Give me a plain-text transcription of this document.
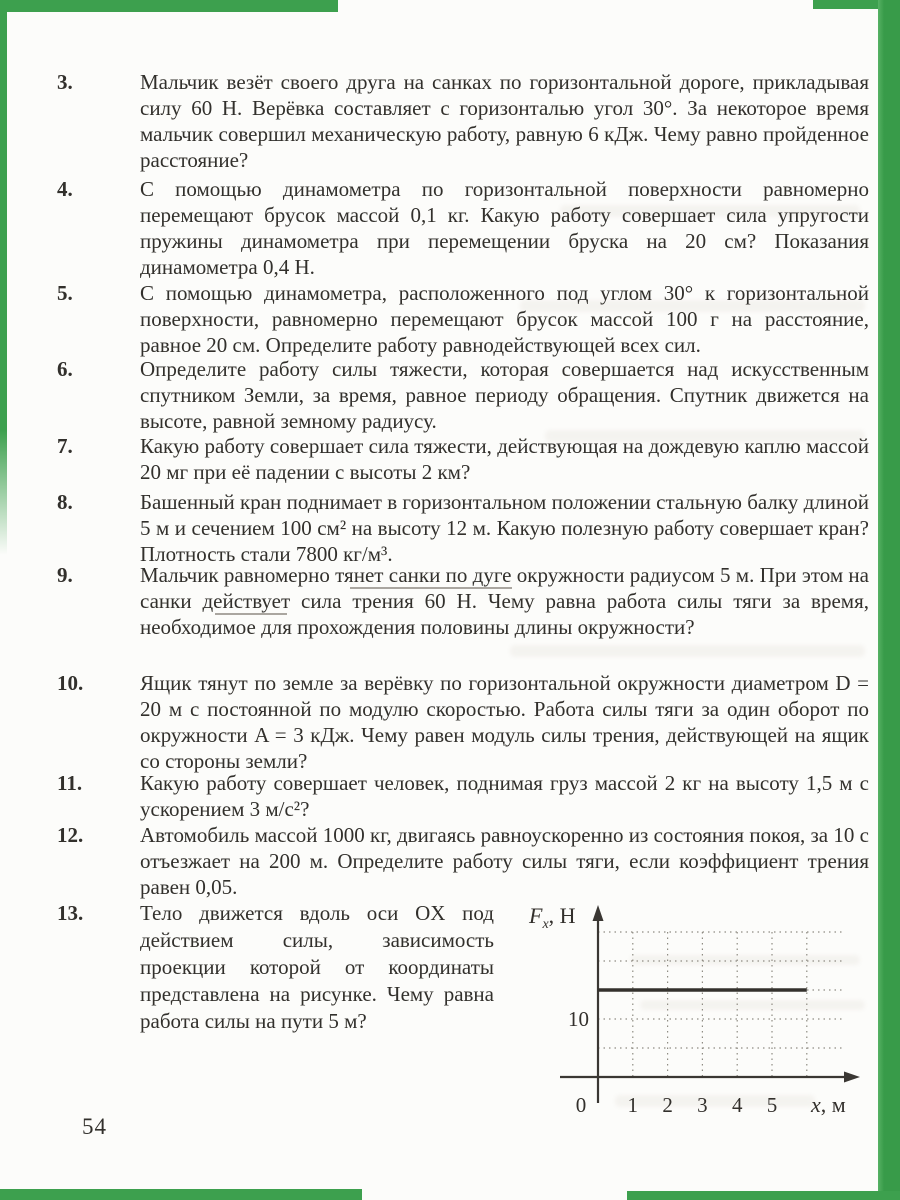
3.	Мальчик везёт своего друга на санках по горизонтальной дороге, прикладывая силу 60 Н. Верёвка составляет с горизонталью угол 30°. За некоторое время мальчик совершил механическую работу, равную 6 кДж. Чему равно пройденное расстояние?
4.	С помощью динамометра по горизонтальной поверхности равномерно перемещают брусок массой 0,1 кг. Какую работу совершает сила упругости пружины динамометра при перемещении бруска на 20 см? Показания динамометра 0,4 Н.
5.	С помощью динамометра, расположенного под углом 30° к горизонтальной поверхности, равномерно перемещают брусок массой 100 г на расстояние, равное 20 см. Определите работу равнодействующей всех сил.
6.	Определите работу силы тяжести, которая совершается над искусственным спутником Земли, за время, равное периоду обращения. Спутник движется на высоте, равной земному радиусу.
7.	Какую работу совершает сила тяжести, действующая на дождевую каплю массой 20 мг при её падении с высоты 2 км?
8.	Башенный кран поднимает в горизонтальном положении стальную балку длиной 5 м и сечением 100 см² на высоту 12 м. Какую полезную работу совершает кран? Плотность стали 7800 кг/м³.
9.	Мальчик равномерно тянет санки по дуге окружности радиусом 5 м. При этом на санки действует сила трения 60 Н. Чему равна работа силы тяги за время, необходимое для прохождения половины длины окружности?
10.	Ящик тянут по земле за верёвку по горизонтальной окружности диаметром D = 20 м с постоянной по модулю скоростью. Работа силы тяги за один оборот по окружности A = 3 кДж. Чему равен модуль силы трения, действующей на ящик со стороны земли?
11.	Какую работу совершает человек, поднимая груз массой 2 кг на высоту 1,5 м с ускорением 3 м/с²?
12.	Автомобиль массой 1000 кг, двигаясь равноускоренно из состояния покоя, за 10 с отъезжает на 200 м. Определите работу силы тяги, если коэффициент трения равен 0,05.
13.	Тело движется вдоль оси OX под действием силы, зависимость проекции которой от координаты представлена на рисунке. Чему равна работа силы на пути 5 м?
$F_x$, Н
10
0 1 2 3 4 5 x, м
54
